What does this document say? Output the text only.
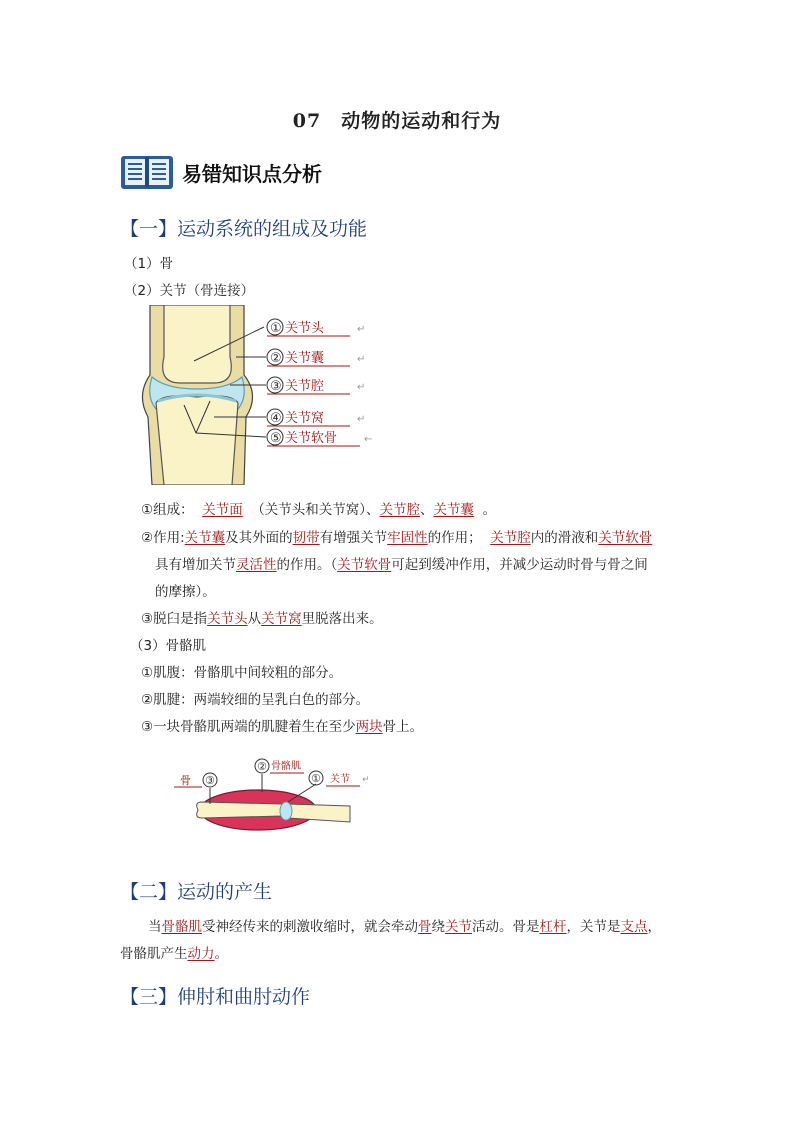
07　动物的运动和行为
易错知识点分析
【一】运动系统的组成及功能
（1）骨
（2）关节（骨连接）
① 关节头	↵
② 关节囊	↵
③ 关节腔	↵
④ 关节窝	↵
⑤ 关节软骨	←
①组成： 关节面 （关节头和关节窝）、关节腔、关节囊 。
②作用:关节囊及其外面的韧带有增强关节牢固性的作用； 关节腔内的滑液和关节软骨
具有增加关节灵活性的作用。（关节软骨可起到缓冲作用，并减少运动时骨与骨之间
的摩擦）。
③脱臼是指关节头从关节窝里脱落出来。
（3）骨骼肌
①肌腹：骨骼肌中间较粗的部分。
②肌腱：两端较细的呈乳白色的部分。
③一块骨骼肌两端的肌腱着生在至少两块骨上。
骨 ③
② 骨骼肌
① 关节 ↵
【二】运动的产生
当骨骼肌受神经传来的刺激收缩时，就会牵动骨绕关节活动。骨是杠杆，关节是支点，
骨骼肌产生动力。
【三】伸肘和曲肘动作
